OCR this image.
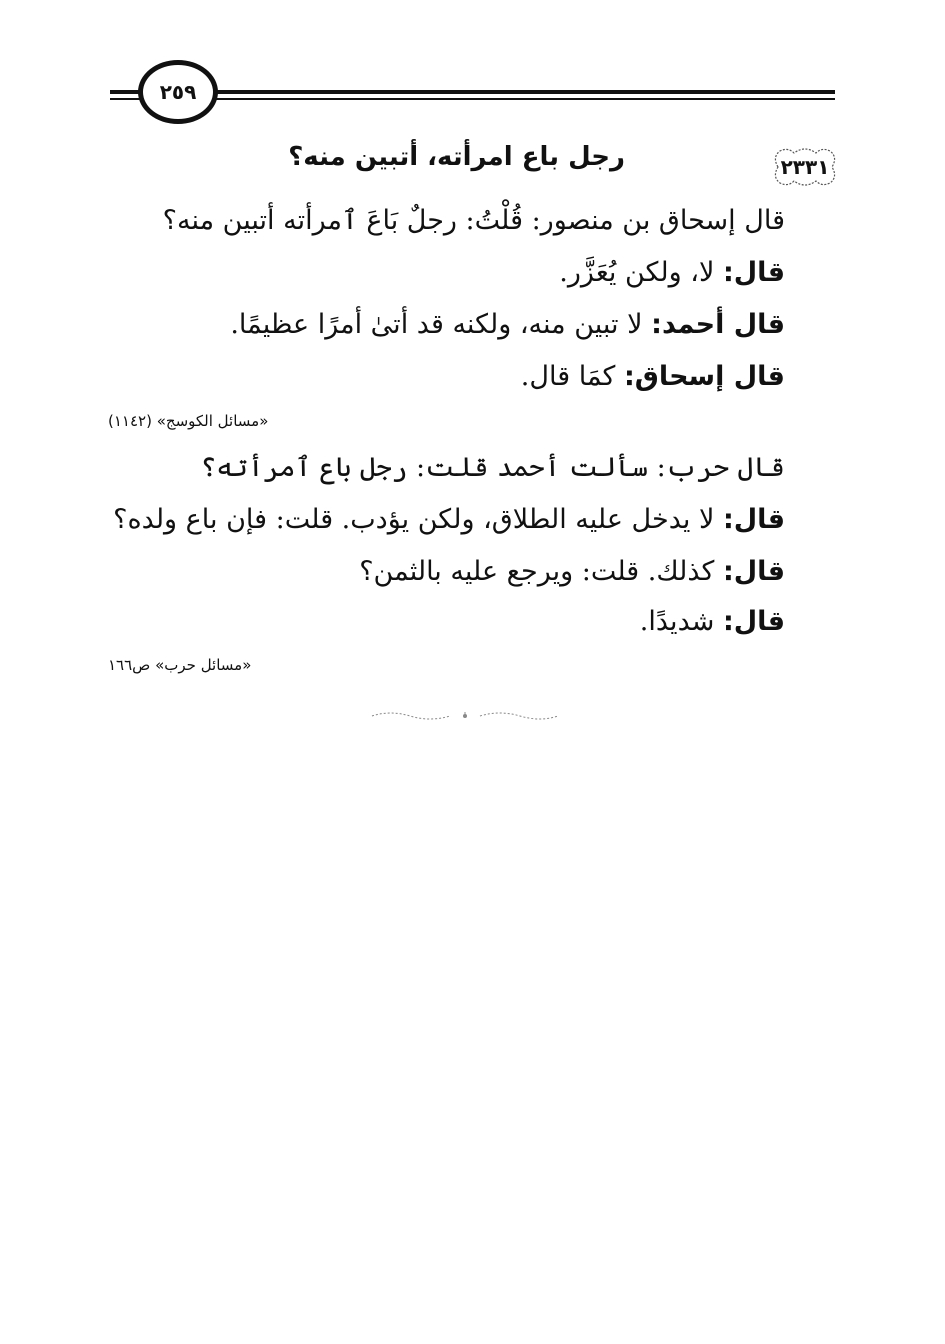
٢٥٩
٢٣٣١
رجل باع امرأته، أتبين منه؟
قال إسحاق بن منصور: قُلْتُ: رجلٌ بَاعَ ٱمرأته أتبين منه؟
قال: لا، ولكن يُعَزَّر.
قال أحمد: لا تبين منه، ولكنه قد أتىٰ أمرًا عظيمًا.
قال إسحاق: كمَا قال.
«مسائل الكوسج» (١١٤٢)
قال حرب: سألت أحمد قلت: رجل باع ٱمرأته؟
قال: لا يدخل عليه الطلاق، ولكن يؤدب. قلت: فإن باع ولده؟
قال: كذلك. قلت: ويرجع عليه بالثمن؟
قال: شديدًا.
«مسائل حرب» ص١٦٦
